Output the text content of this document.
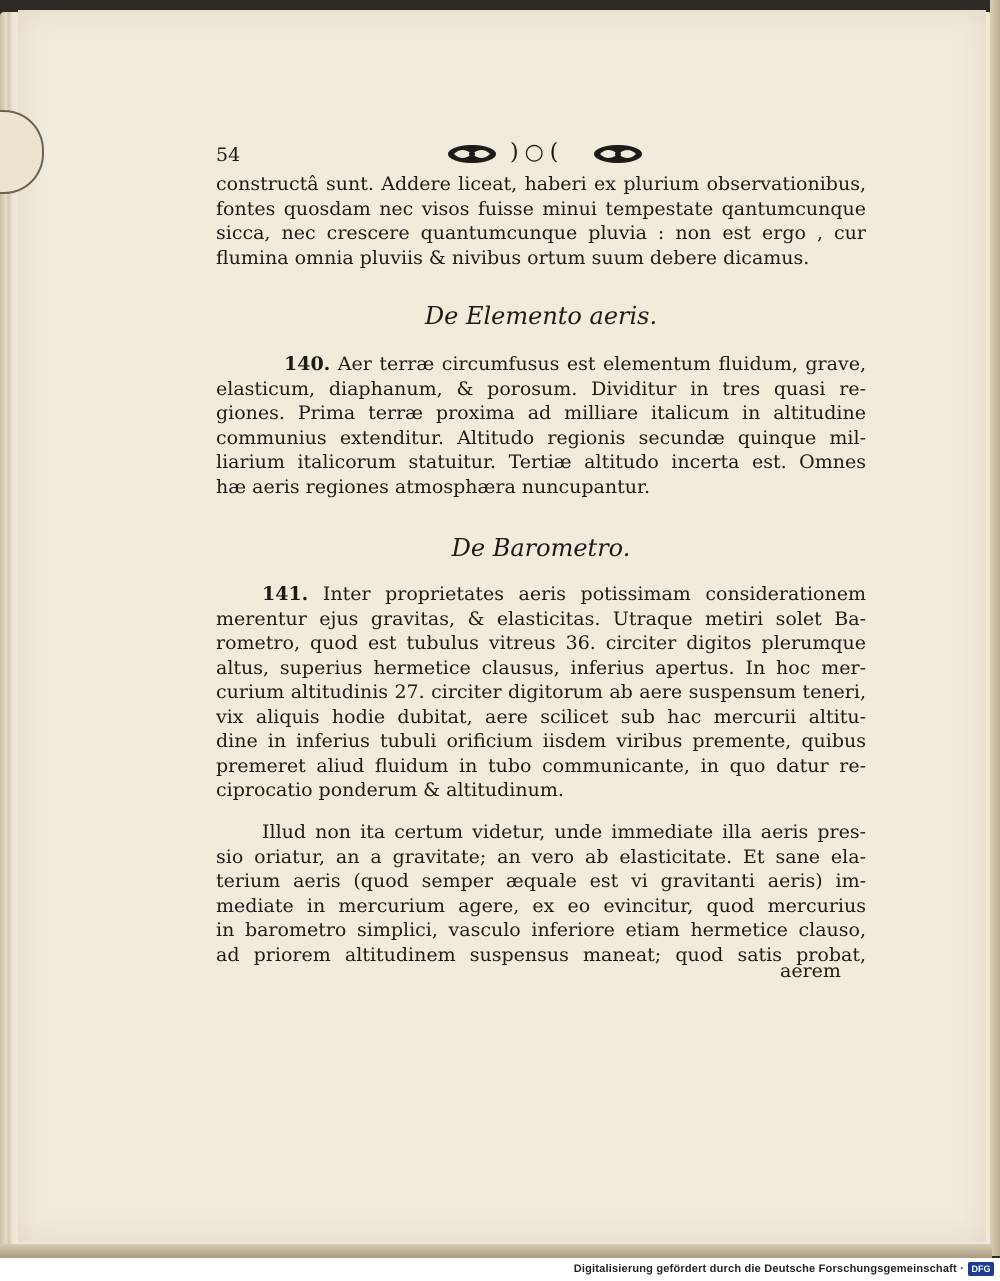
54	)○(

constructâ sunt. Addere liceat, haberi ex plurium observationibus,

fontes quosdam nec visos fuisse minui tempestate qantumcunque

sicca, nec crescere quantumcunque pluvia : non est ergo , cur

flumina omnia pluviis & nivibus ortum suum debere dicamus.

De Elemento aeris.

140. Aer terræ circumfusus est elementum fluidum, grave,

elasticum, diaphanum, & porosum. Dividitur in tres quasi re-

giones. Prima terræ proxima ad milliare italicum in altitudine

communius extenditur. Altitudo regionis secundæ quinque mil-

liarium italicorum statuitur. Tertiæ altitudo incerta est. Omnes

hæ aeris regiones atmosphæra nuncupantur.

De Barometro.

141. Inter proprietates aeris potissimam considerationem

merentur ejus gravitas, & elasticitas. Utraque metiri solet Ba-

rometro, quod est tubulus vitreus 36. circiter digitos plerumque

altus, superius hermetice clausus, inferius apertus. In hoc mer-

curium altitudinis 27. circiter digitorum ab aere suspensum teneri,

vix aliquis hodie dubitat, aere scilicet sub hac mercurii altitu-

dine in inferius tubuli orificium iisdem viribus premente, quibus

premeret aliud fluidum in tubo communicante, in quo datur re-

ciprocatio ponderum & altitudinum.

Illud non ita certum videtur, unde immediate illa aeris pres-

sio oriatur, an a gravitate; an vero ab elasticitate. Et sane ela-

terium aeris (quod semper æquale est vi gravitanti aeris) im-

mediate in mercurium agere, ex eo evincitur, quod mercurius

in barometro simplici, vasculo inferiore etiam hermetice clauso,

ad priorem altitudinem suspensus maneat; quod satis probat,

aerem
Digitalisierung gefördert durch die Deutsche Forschungsgemeinschaft · DFG
